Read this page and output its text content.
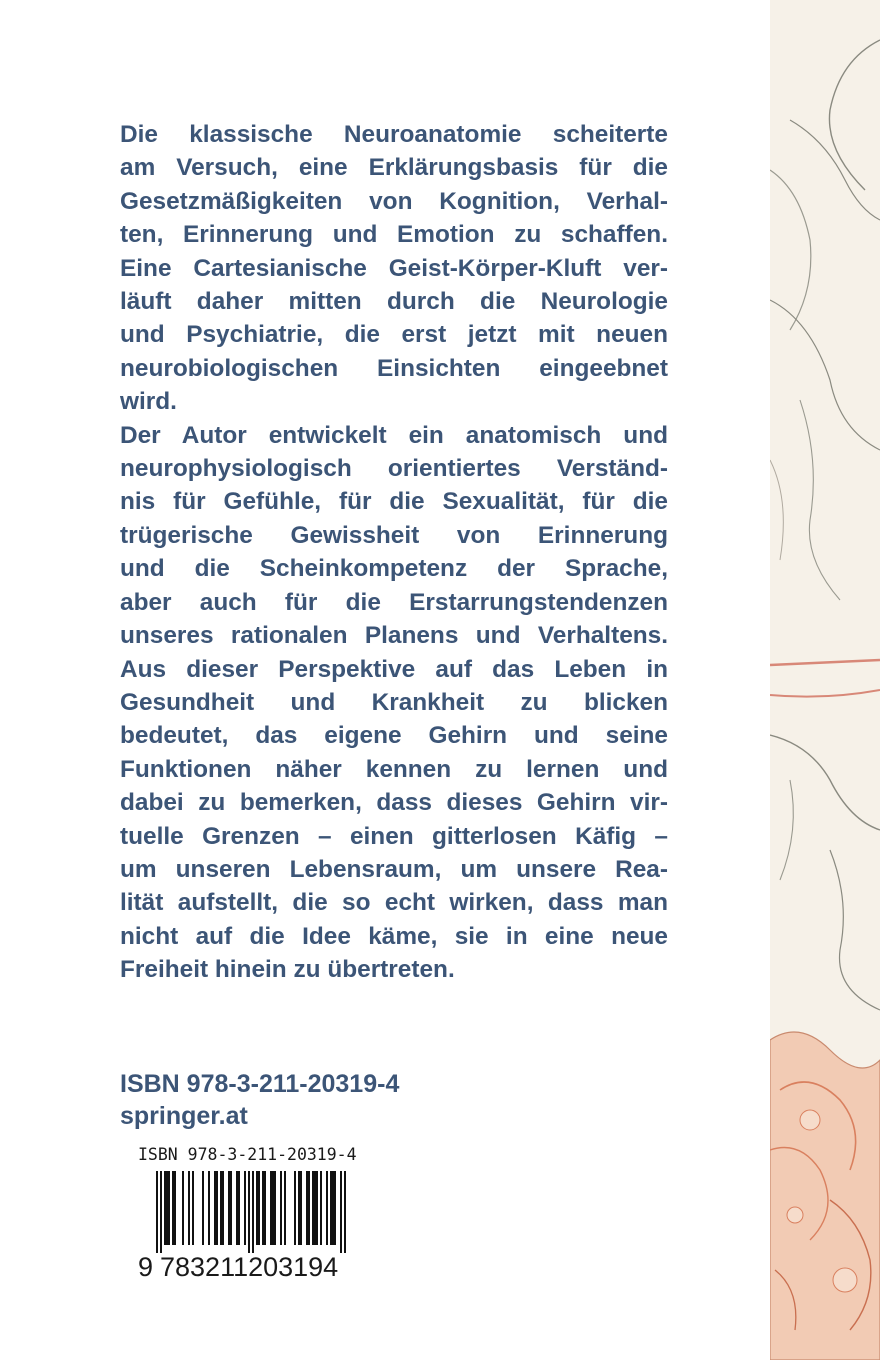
Die klassische Neuroanatomie scheiterte
am Versuch, eine Erklärungsbasis für die
Gesetzmäßigkeiten von Kognition, Verhal-
ten, Erinnerung und Emotion zu schaffen.
Eine Cartesianische Geist-Körper-Kluft ver-
läuft daher mitten durch die Neurologie
und Psychiatrie, die erst jetzt mit neuen
neurobiologischen Einsichten eingeebnet
wird.
Der Autor entwickelt ein anatomisch und
neurophysiologisch orientiertes Verständ-
nis für Gefühle, für die Sexualität, für die
trügerische Gewissheit von Erinnerung
und die Scheinkompetenz der Sprache,
aber auch für die Erstarrungstendenzen
unseres rationalen Planens und Verhaltens.
Aus dieser Perspektive auf das Leben in
Gesundheit und Krankheit zu blicken
bedeutet, das eigene Gehirn und seine
Funktionen näher kennen zu lernen und
dabei zu bemerken, dass dieses Gehirn vir-
tuelle Grenzen – einen gitterlosen Käfig –
um unseren Lebensraum, um unsere Rea-
lität aufstellt, die so echt wirken, dass man
nicht auf die Idee käme, sie in eine neue
Freiheit hinein zu übertreten.
ISBN 978-3-211-20319-4
springer.at
ISBN 978-3-211-20319-4
9 783211203194
